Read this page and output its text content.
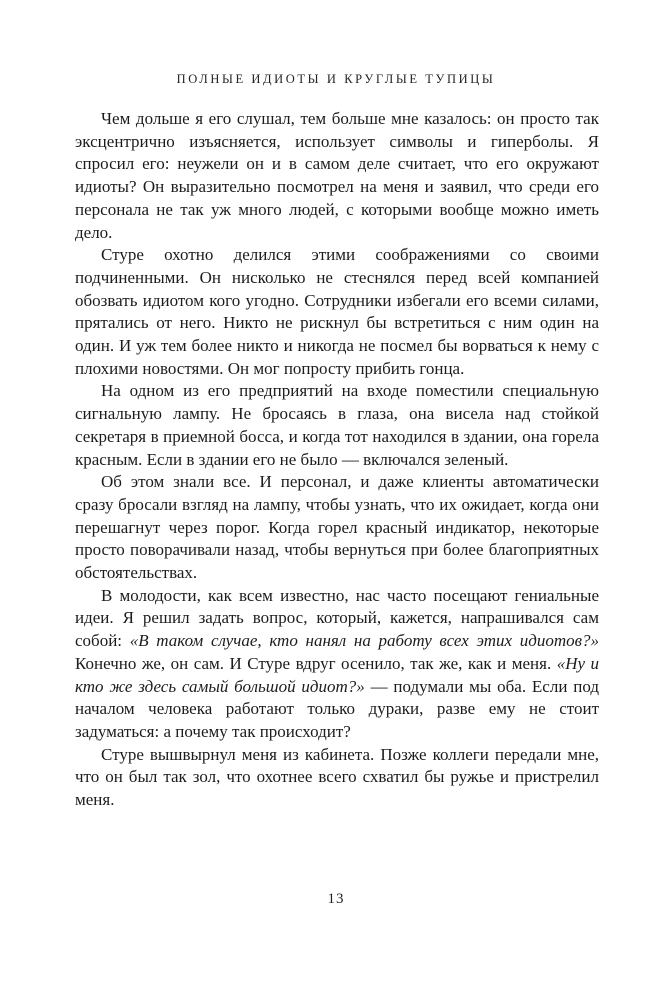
ПОЛНЫЕ ИДИОТЫ И КРУГЛЫЕ ТУПИЦЫ

Чем дольше я его слушал, тем больше мне казалось: он просто так эксцентрично изъясняется, использует символы и гиперболы. Я спросил его: неужели он и в самом деле считает, что его окружают идиоты? Он выразительно посмотрел на меня и заявил, что среди его персонала не так уж много людей, с которыми вообще можно иметь дело.

Стуре охотно делился этими соображениями со своими подчиненными. Он нисколько не стеснялся перед всей компанией обозвать идиотом кого угодно. Сотрудники избегали его всеми силами, прятались от него. Никто не рискнул бы встретиться с ним один на один. И уж тем более никто и никогда не посмел бы ворваться к нему с плохими новостями. Он мог попросту прибить гонца.

На одном из его предприятий на входе поместили специальную сигнальную лампу. Не бросаясь в глаза, она висела над стойкой секретаря в приемной босса, и когда тот находился в здании, она горела красным. Если в здании его не было — включался зеленый.

Об этом знали все. И персонал, и даже клиенты автоматически сразу бросали взгляд на лампу, чтобы узнать, что их ожидает, когда они перешагнут через порог. Когда горел красный индикатор, некоторые просто поворачивали назад, чтобы вернуться при более благоприятных обстоятельствах.

В молодости, как всем известно, нас часто посещают гениальные идеи. Я решил задать вопрос, который, кажется, напрашивался сам собой: «В таком случае, кто нанял на работу всех этих идиотов?» Конечно же, он сам. И Стуре вдруг осенило, так же, как и меня. «Ну и кто же здесь самый большой идиот?» — подумали мы оба. Если под началом человека работают только дураки, разве ему не стоит задуматься: а почему так происходит?

Стуре вышвырнул меня из кабинета. Позже коллеги передали мне, что он был так зол, что охотнее всего схватил бы ружье и пристрелил меня.

13
